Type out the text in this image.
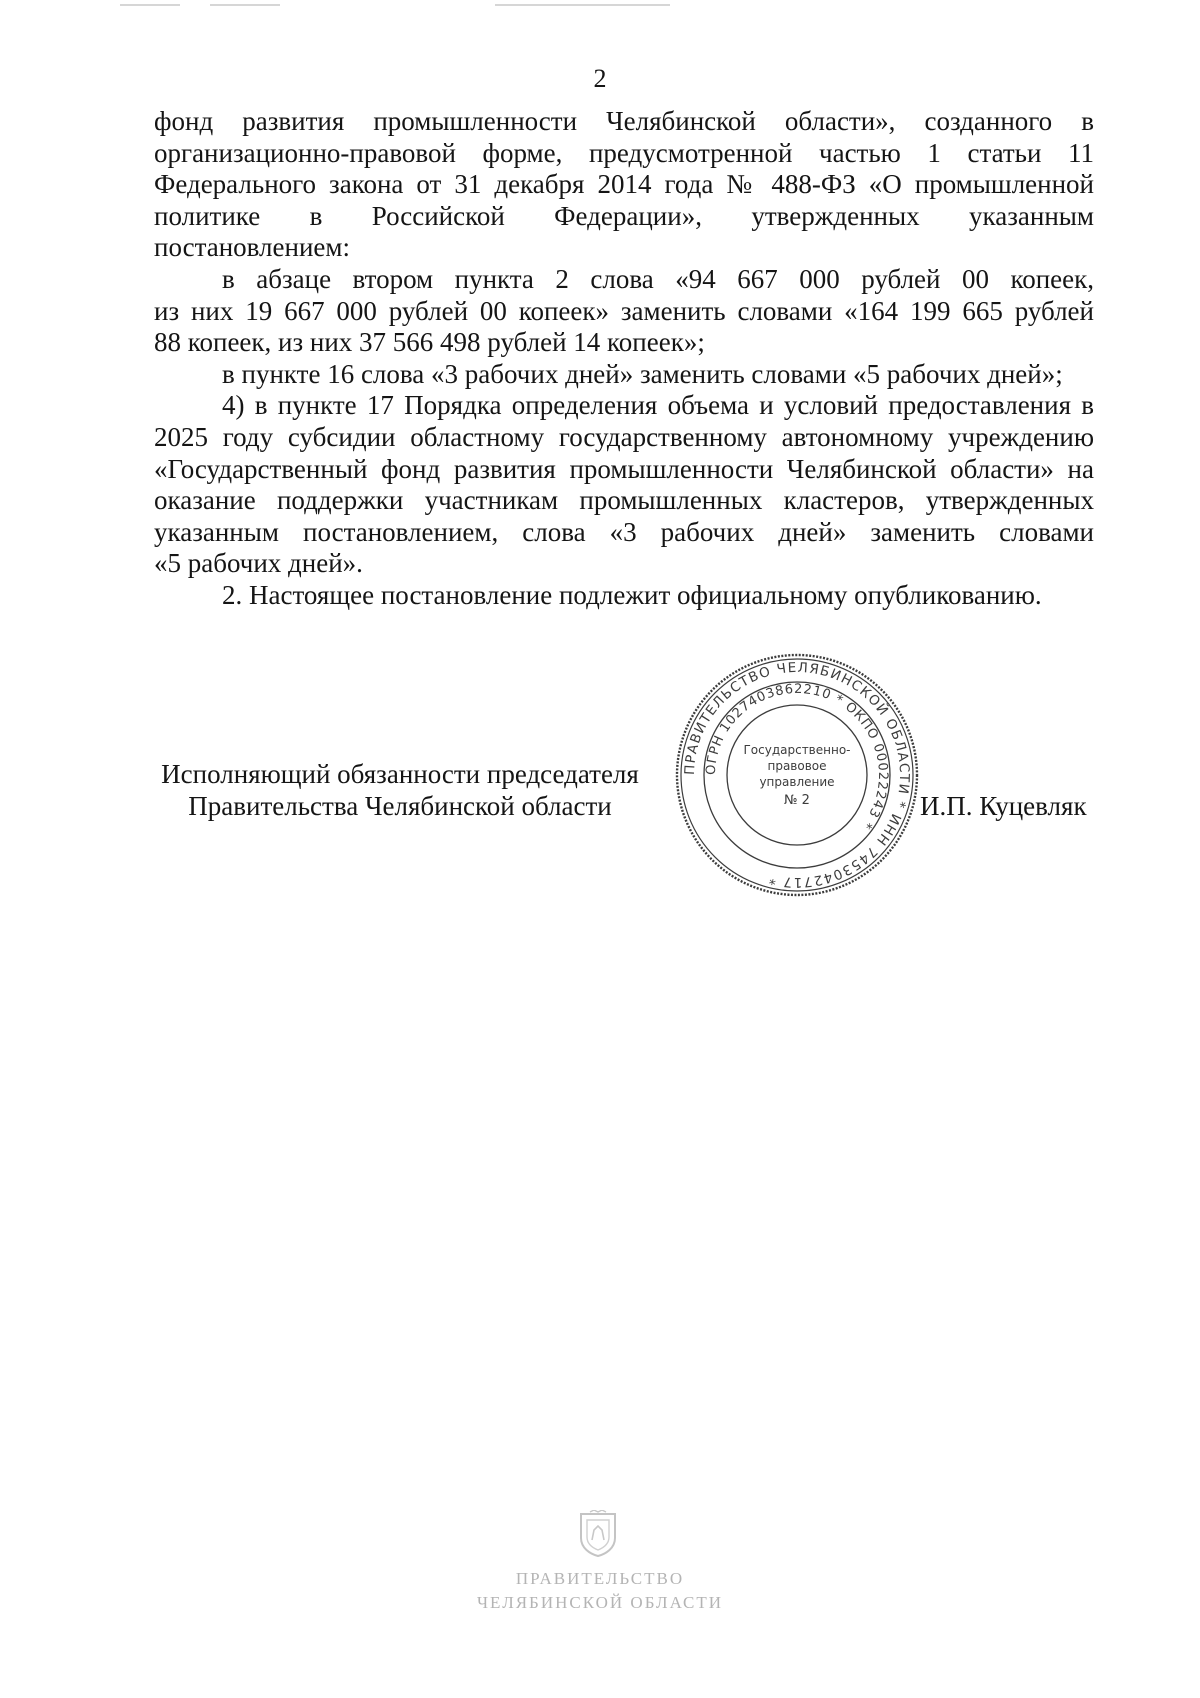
2

фонд развития промышленности Челябинской области», созданного в

организационно-правовой форме, предусмотренной частью 1 статьи 11

Федерального закона от 31 декабря 2014 года № 488-ФЗ «О промышленной

политике в Российской Федерации», утвержденных указанным

постановлением:

в абзаце втором пункта 2 слова «94 667 000 рублей 00 копеек,

из них 19 667 000 рублей 00 копеек» заменить словами «164 199 665 рублей

88 копеек, из них 37 566 498 рублей 14 копеек»;

в пункте 16 слова «3 рабочих дней» заменить словами «5 рабочих дней»;

4) в пункте 17 Порядка определения объема и условий предоставления в

2025 году субсидии областному государственному автономному учреждению

«Государственный фонд развития промышленности Челябинской области» на

оказание поддержки участникам промышленных кластеров, утвержденных

указанным постановлением, слова «3 рабочих дней» заменить словами

«5 рабочих дней».

2. Настоящее постановление подлежит официальному опубликованию.

Исполняющий обязанности председателя
Правительства Челябинской области
ПРАВИТЕЛЬСТВО ЧЕЛЯБИНСКОЙ ОБЛАСТИ * ИНН 7453042717 *
ОГРН 1027403862210 * ОКПО 00022243 *
Государственно-
правовое
управление
№ 2	И.П. Куцевляк
ПРАВИТЕЛЬСТВО
ЧЕЛЯБИНСКОЙ ОБЛАСТИ
